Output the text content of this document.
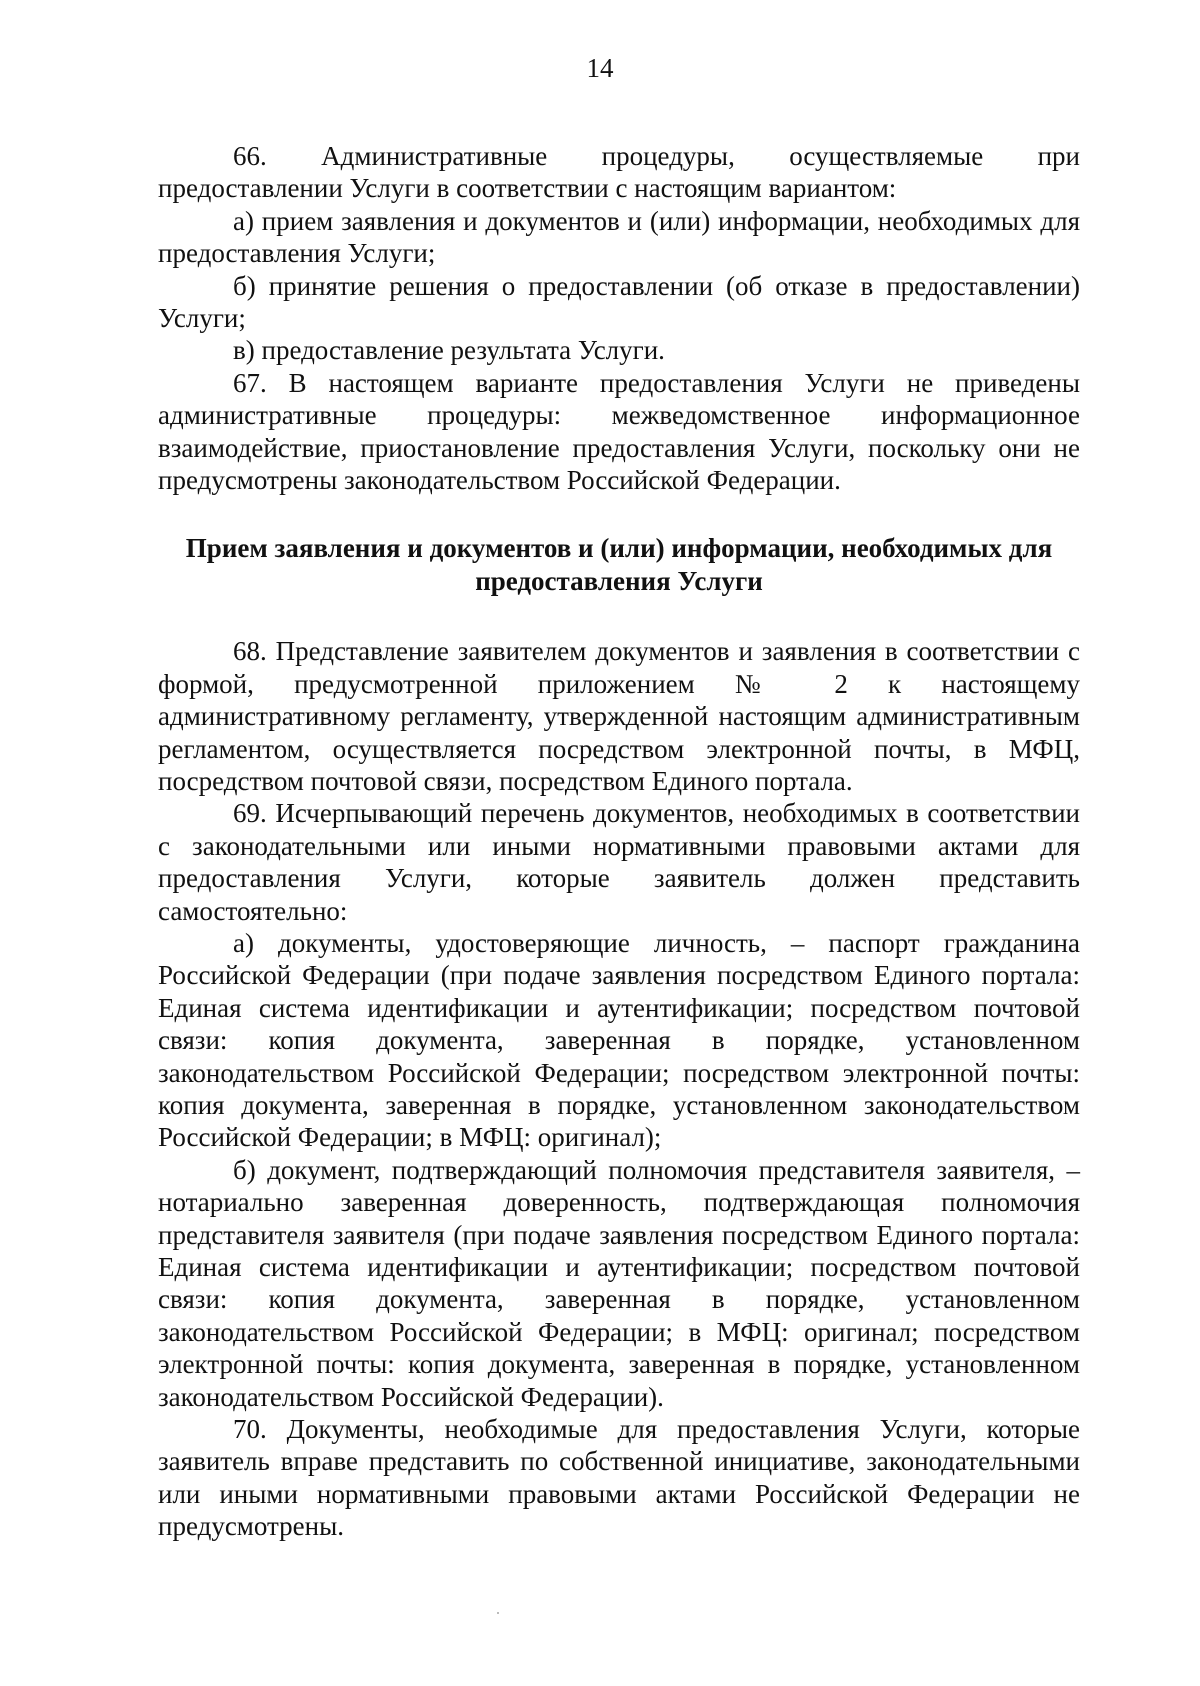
14

66. Административные процедуры, осуществляемые при предоставлении Услуги в соответствии с настоящим вариантом:

а) прием заявления и документов и (или) информации, необходимых для предоставления Услуги;

б) принятие решения о предоставлении (об отказе в предоставлении) Услуги;

в) предоставление результата Услуги.

67. В настоящем варианте предоставления Услуги не приведены административные процедуры: межведомственное информационное взаимодействие, приостановление предоставления Услуги, поскольку они не предусмотрены законодательством Российской Федерации.

Прием заявления и документов и (или) информации, необходимых для предоставления Услуги

68. Представление заявителем документов и заявления в соответствии с формой, предусмотренной приложением № 2 к настоящему административному регламенту, утвержденной настоящим административным регламентом, осуществляется посредством электронной почты, в МФЦ, посредством почтовой связи, посредством Единого портала.

69. Исчерпывающий перечень документов, необходимых в соответствии с законодательными или иными нормативными правовыми актами для предоставления Услуги, которые заявитель должен представить самостоятельно:

а) документы, удостоверяющие личность, – паспорт гражданина Российской Федерации (при подаче заявления посредством Единого портала: Единая система идентификации и аутентификации; посредством почтовой связи: копия документа, заверенная в порядке, установленном законодательством Российской Федерации; посредством электронной почты: копия документа, заверенная в порядке, установленном законодательством Российской Федерации; в МФЦ: оригинал);

б) документ, подтверждающий полномочия представителя заявителя, – нотариально заверенная доверенность, подтверждающая полномочия представителя заявителя (при подаче заявления посредством Единого портала: Единая система идентификации и аутентификации; посредством почтовой связи: копия документа, заверенная в порядке, установленном законодательством Российской Федерации; в МФЦ: оригинал; посредством электронной почты: копия документа, заверенная в порядке, установленном законодательством Российской Федерации).

70. Документы, необходимые для предоставления Услуги, которые заявитель вправе представить по собственной инициативе, законодательными или иными нормативными правовыми актами Российской Федерации не предусмотрены.
